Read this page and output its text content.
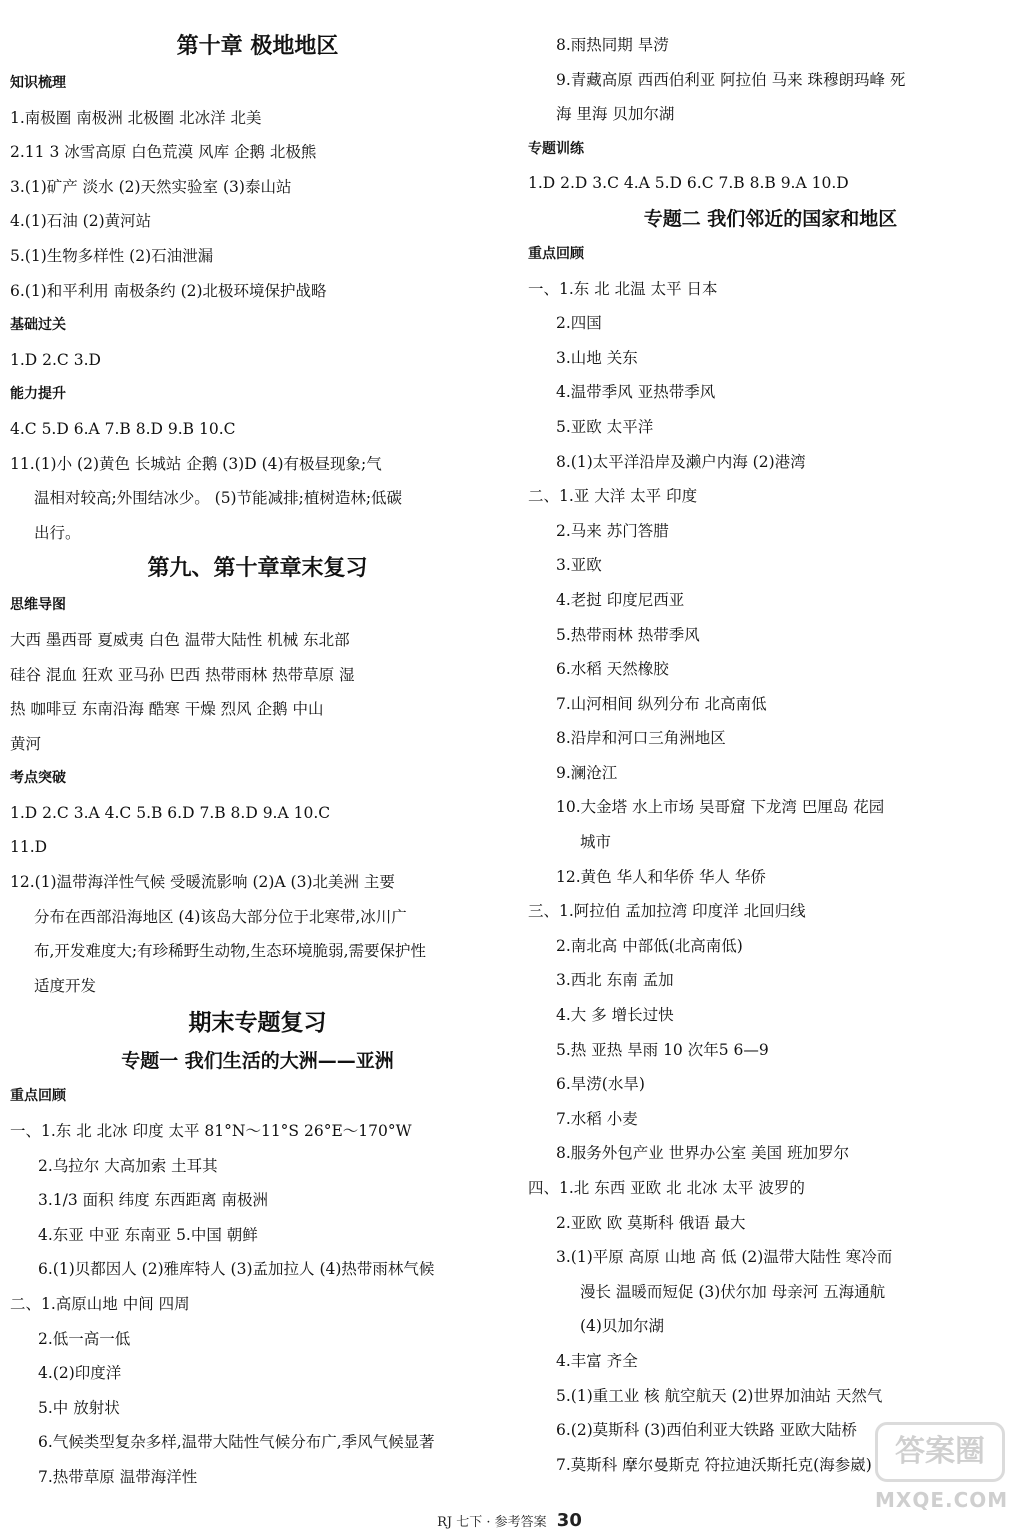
第十章 极地地区
知识梳理
1.南极圈 南极洲 北极圈 北冰洋 北美
2.11 3 冰雪高原 白色荒漠 风库 企鹅 北极熊
3.(1)矿产 淡水 (2)天然实验室 (3)泰山站
4.(1)石油 (2)黄河站
5.(1)生物多样性 (2)石油泄漏
6.(1)和平利用 南极条约 (2)北极环境保护战略
基础过关
1.D 2.C 3.D
能力提升
4.C 5.D 6.A 7.B 8.D 9.B 10.C
11.(1)小 (2)黄色 长城站 企鹅 (3)D (4)有极昼现象;气
温相对较高;外围结冰少。 (5)节能减排;植树造林;低碳
出行。
第九、第十章章末复习
思维导图
大西 墨西哥 夏威夷 白色 温带大陆性 机械 东北部
硅谷 混血 狂欢 亚马孙 巴西 热带雨林 热带草原 湿
热 咖啡豆 东南沿海 酷寒 干燥 烈风 企鹅 中山
黄河
考点突破
1.D 2.C 3.A 4.C 5.B 6.D 7.B 8.D 9.A 10.C
11.D
12.(1)温带海洋性气候 受暖流影响 (2)A (3)北美洲 主要
分布在西部沿海地区 (4)该岛大部分位于北寒带,冰川广
布,开发难度大;有珍稀野生动物,生态环境脆弱,需要保护性
适度开发
期末专题复习
专题一 我们生活的大洲——亚洲
重点回顾
一、1.东 北 北冰 印度 太平 81°N～11°S 26°E～170°W
2.乌拉尔 大高加索 土耳其
3.1/3 面积 纬度 东西距离 南极洲
4.东亚 中亚 东南亚 5.中国 朝鲜
6.(1)贝都因人 (2)雅库特人 (3)孟加拉人 (4)热带雨林气候
二、1.高原山地 中间 四周
2.低一高一低
4.(2)印度洋
5.中 放射状
6.气候类型复杂多样,温带大陆性气候分布广,季风气候显著
7.热带草原 温带海洋性
8.雨热同期 旱涝
9.青藏高原 西西伯利亚 阿拉伯 马来 珠穆朗玛峰 死
海 里海 贝加尔湖
专题训练
1.D 2.D 3.C 4.A 5.D 6.C 7.B 8.B 9.A 10.D
专题二 我们邻近的国家和地区
重点回顾
一、1.东 北 北温 太平 日本
2.四国
3.山地 关东
4.温带季风 亚热带季风
5.亚欧 太平洋
8.(1)太平洋沿岸及濑户内海 (2)港湾
二、1.亚 大洋 太平 印度
2.马来 苏门答腊
3.亚欧
4.老挝 印度尼西亚
5.热带雨林 热带季风
6.水稻 天然橡胶
7.山河相间 纵列分布 北高南低
8.沿岸和河口三角洲地区
9.澜沧江
10.大金塔 水上市场 吴哥窟 下龙湾 巴厘岛 花园
城市
12.黄色 华人和华侨 华人 华侨
三、1.阿拉伯 孟加拉湾 印度洋 北回归线
2.南北高 中部低(北高南低)
3.西北 东南 孟加
4.大 多 增长过快
5.热 亚热 旱雨 10 次年5 6—9
6.旱涝(水旱)
7.水稻 小麦
8.服务外包产业 世界办公室 美国 班加罗尔
四、1.北 东西 亚欧 北 北冰 太平 波罗的
2.亚欧 欧 莫斯科 俄语 最大
3.(1)平原 高原 山地 高 低 (2)温带大陆性 寒冷而
漫长 温暖而短促 (3)伏尔加 母亲河 五海通航
(4)贝加尔湖
4.丰富 齐全
5.(1)重工业 核 航空航天 (2)世界加油站 天然气
6.(2)莫斯科 (3)西伯利亚大铁路 亚欧大陆桥
7.莫斯科 摩尔曼斯克 符拉迪沃斯托克(海参崴)
RJ 七下 · 参考答案 30
答案圈
MXQE.COM
